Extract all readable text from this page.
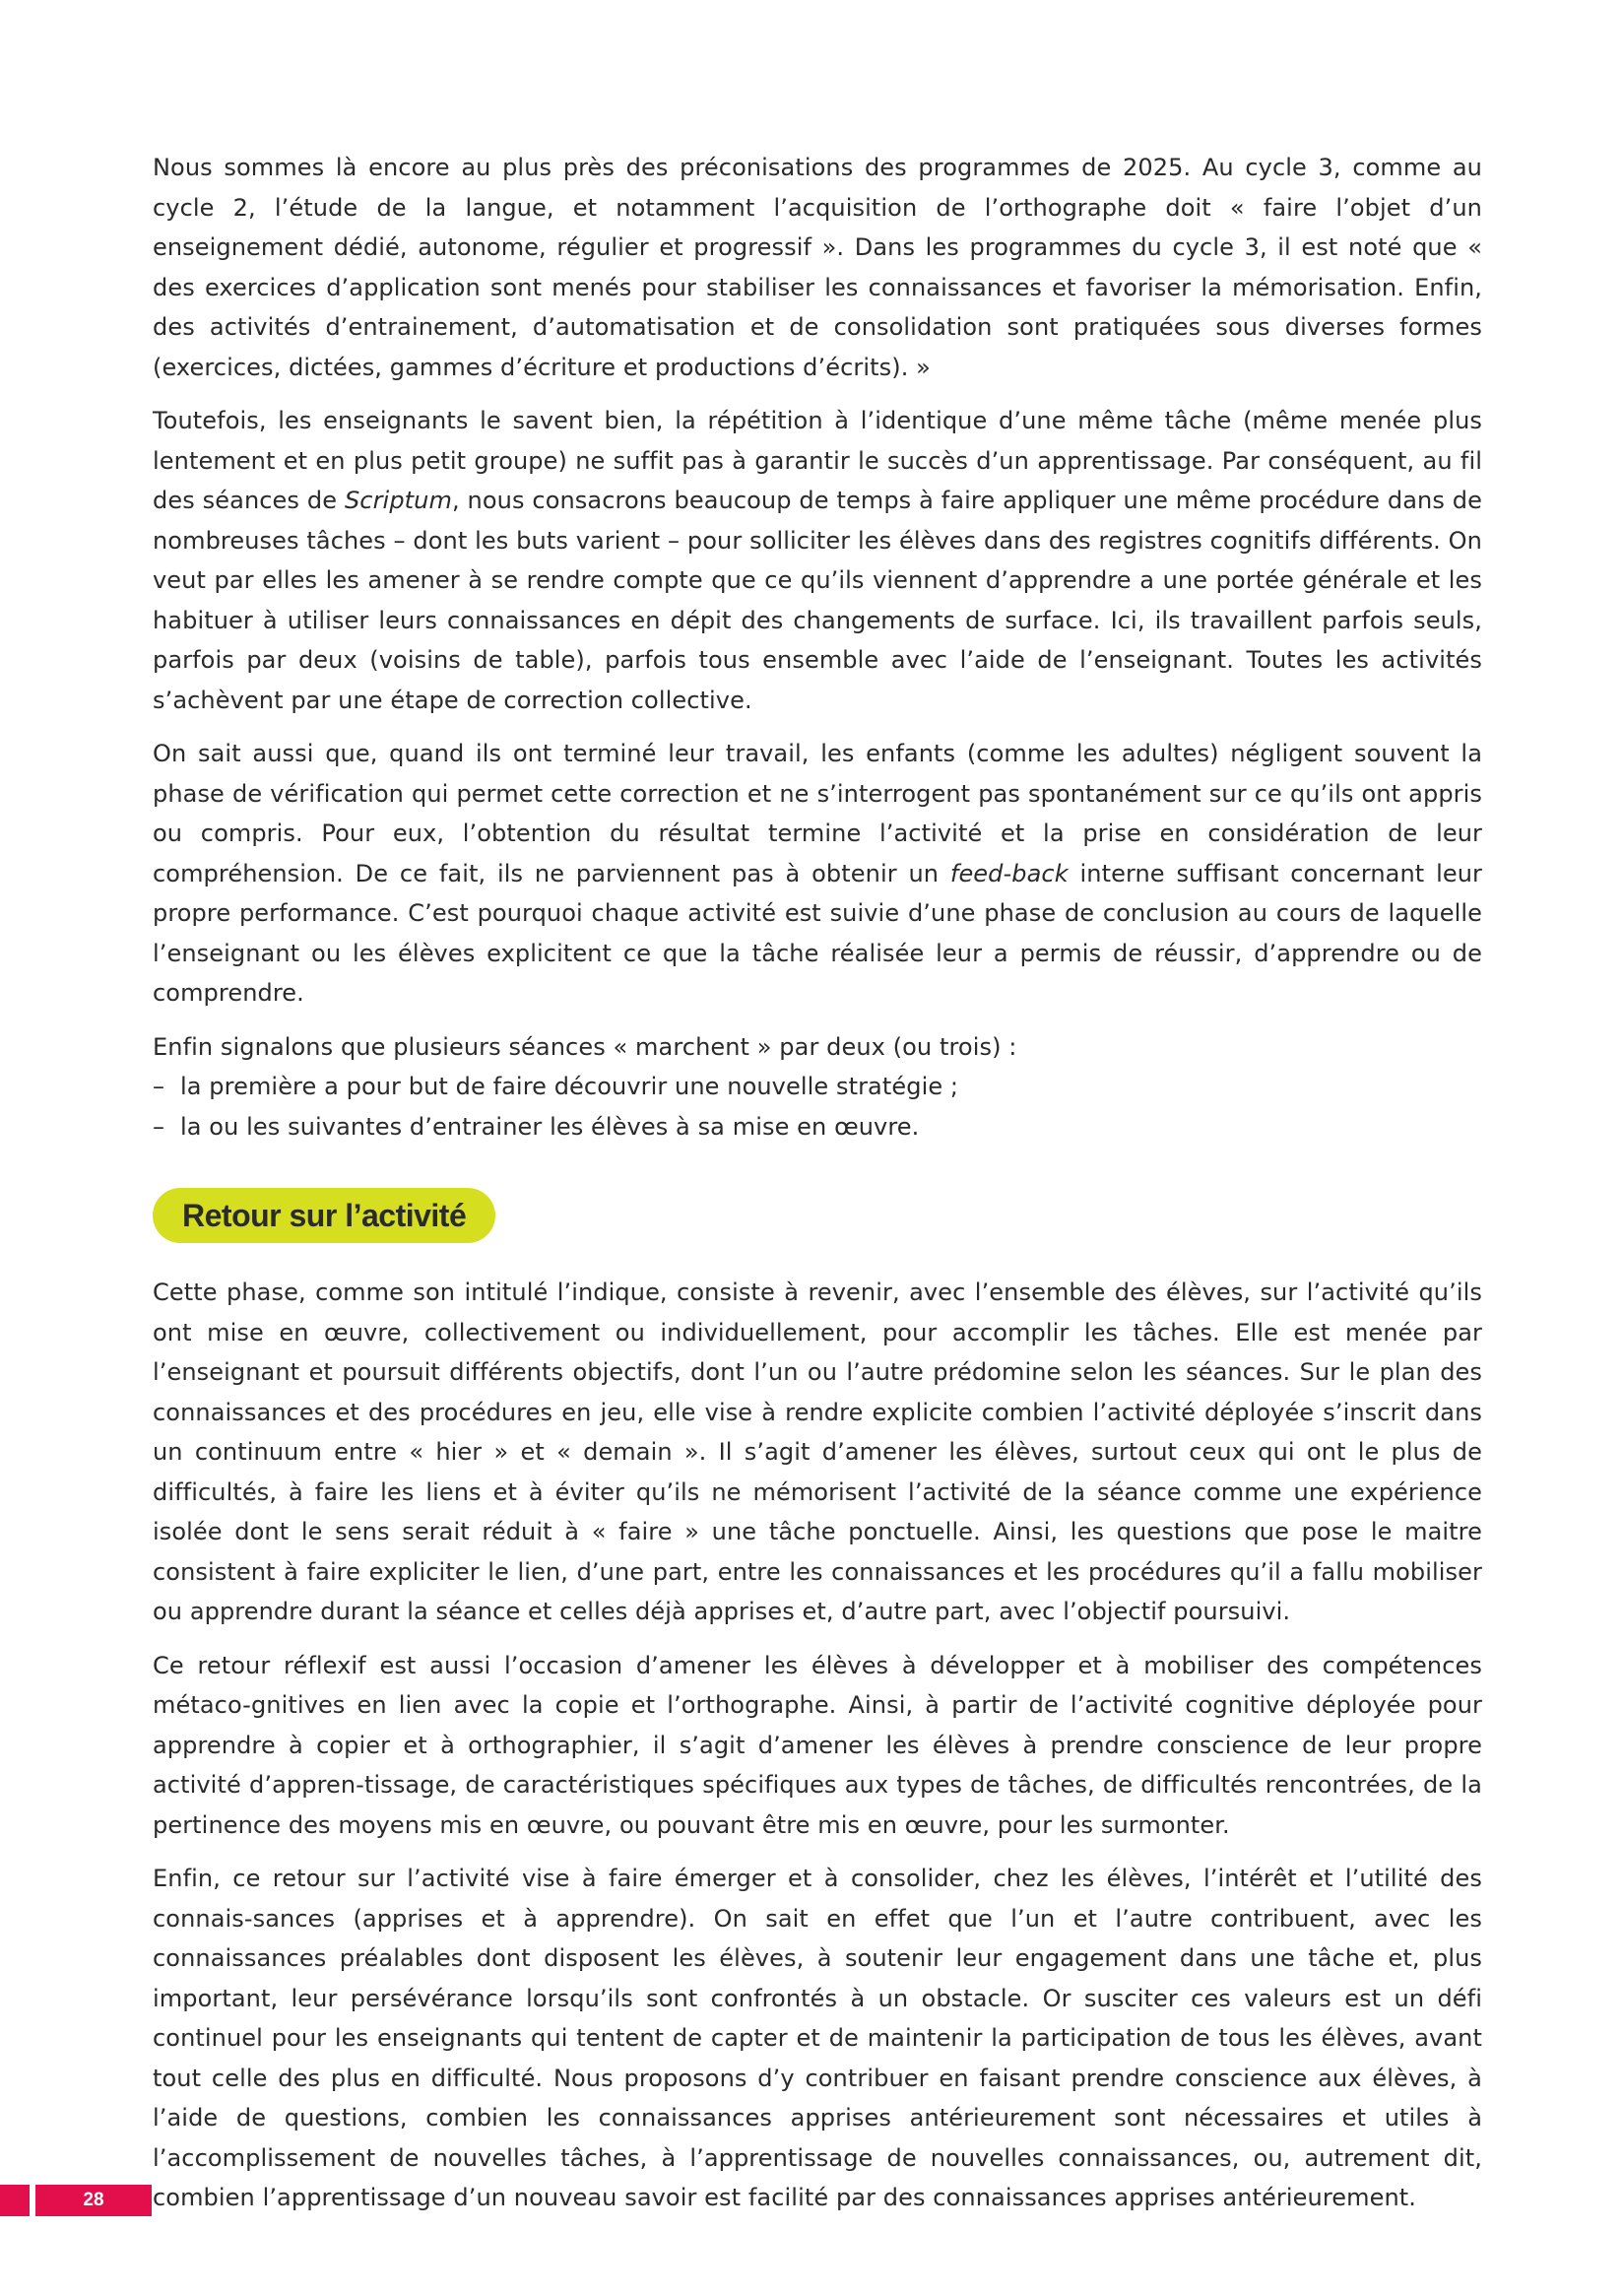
Nous sommes là encore au plus près des préconisations des programmes de 2025. Au cycle 3, comme au cycle 2, l’étude de la langue, et notamment l’acquisition de l’orthographe doit « faire l’objet d’un enseignement dédié, autonome, régulier et progressif ». Dans les programmes du cycle 3, il est noté que « des exercices d’application sont menés pour stabiliser les connaissances et favoriser la mémorisation. Enfin, des activités d’entrainement, d’automatisation et de consolidation sont pratiquées sous diverses formes (exercices, dictées, gammes d’écriture et productions d’écrits). »

Toutefois, les enseignants le savent bien, la répétition à l’identique d’une même tâche (même menée plus lentement et en plus petit groupe) ne suffit pas à garantir le succès d’un apprentissage. Par conséquent, au fil des séances de Scriptum, nous consacrons beaucoup de temps à faire appliquer une même procédure dans de nombreuses tâches – dont les buts varient – pour solliciter les élèves dans des registres cognitifs différents. On veut par elles les amener à se rendre compte que ce qu’ils viennent d’apprendre a une portée générale et les habituer à utiliser leurs connaissances en dépit des changements de surface. Ici, ils travaillent parfois seuls, parfois par deux (voisins de table), parfois tous ensemble avec l’aide de l’enseignant. Toutes les activités s’achèvent par une étape de correction collective.

On sait aussi que, quand ils ont terminé leur travail, les enfants (comme les adultes) négligent souvent la phase de vérification qui permet cette correction et ne s’interrogent pas spontanément sur ce qu’ils ont appris ou compris. Pour eux, l’obtention du résultat termine l’activité et la prise en considération de leur compréhension. De ce fait, ils ne parviennent pas à obtenir un feed-back interne suffisant concernant leur propre performance. C’est pourquoi chaque activité est suivie d’une phase de conclusion au cours de laquelle l’enseignant ou les élèves explicitent ce que la tâche réalisée leur a permis de réussir, d’apprendre ou de comprendre.

Enfin signalons que plusieurs séances « marchent » par deux (ou trois) :
– la première a pour but de faire découvrir une nouvelle stratégie ;
– la ou les suivantes d’entrainer les élèves à sa mise en œuvre.
Retour sur l’activité

Cette phase, comme son intitulé l’indique, consiste à revenir, avec l’ensemble des élèves, sur l’activité qu’ils ont mise en œuvre, collectivement ou individuellement, pour accomplir les tâches. Elle est menée par l’enseignant et poursuit différents objectifs, dont l’un ou l’autre prédomine selon les séances. Sur le plan des connaissances et des procédures en jeu, elle vise à rendre explicite combien l’activité déployée s’inscrit dans un continuum entre « hier » et « demain ». Il s’agit d’amener les élèves, surtout ceux qui ont le plus de difficultés, à faire les liens et à éviter qu’ils ne mémorisent l’activité de la séance comme une expérience isolée dont le sens serait réduit à « faire » une tâche ponctuelle. Ainsi, les questions que pose le maitre consistent à faire expliciter le lien, d’une part, entre les connaissances et les procédures qu’il a fallu mobiliser ou apprendre durant la séance et celles déjà apprises et, d’autre part, avec l’objectif poursuivi.

Ce retour réflexif est aussi l’occasion d’amener les élèves à développer et à mobiliser des compétences métaco-gnitives en lien avec la copie et l’orthographe. Ainsi, à partir de l’activité cognitive déployée pour apprendre à copier et à orthographier, il s’agit d’amener les élèves à prendre conscience de leur propre activité d’appren-tissage, de caractéristiques spécifiques aux types de tâches, de difficultés rencontrées, de la pertinence des moyens mis en œuvre, ou pouvant être mis en œuvre, pour les surmonter.

Enfin, ce retour sur l’activité vise à faire émerger et à consolider, chez les élèves, l’intérêt et l’utilité des connais-sances (apprises et à apprendre). On sait en effet que l’un et l’autre contribuent, avec les connaissances préalables dont disposent les élèves, à soutenir leur engagement dans une tâche et, plus important, leur persévérance lorsqu’ils sont confrontés à un obstacle. Or susciter ces valeurs est un défi continuel pour les enseignants qui tentent de capter et de maintenir la participation de tous les élèves, avant tout celle des plus en difficulté. Nous proposons d’y contribuer en faisant prendre conscience aux élèves, à l’aide de questions, combien les connaissances apprises antérieurement sont nécessaires et utiles à l’accomplissement de nouvelles tâches, à l’apprentissage de nouvelles connaissances, ou, autrement dit, combien l’apprentissage d’un nouveau savoir est facilité par des connaissances apprises antérieurement.

28
